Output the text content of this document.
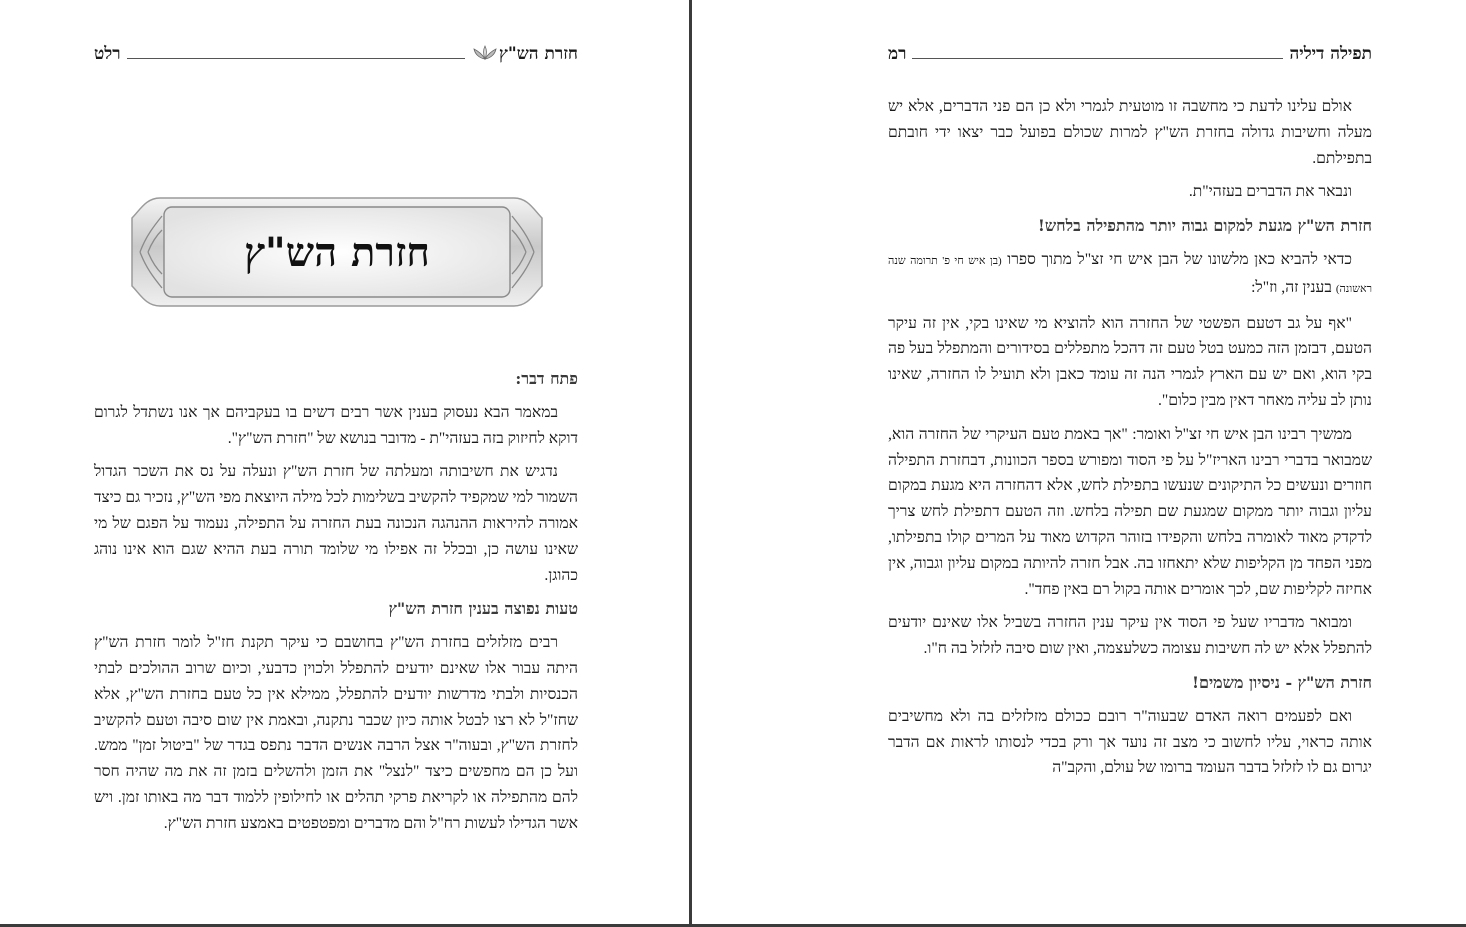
חזרת הש"ץ
רלט
חזרת הש"ץ
פתח דבר:

במאמר הבא נעסוק בענין אשר רבים דשים בו בעקביהם אך אנו נשתדל לגרום דוקא לחיזוק בזה בעזהי"ת - מדובר בנושא של "חזרת הש"ץ".

נדגיש את חשיבותה ומעלתה של חזרת הש"ץ ונעלה על נס את השכר הגדול השמור למי שמקפיד להקשיב בשלימות לכל מילה היוצאת מפי הש"ץ, נזכיר גם כיצד אמורה להיראות ההנהגה הנכונה בעת החזרה על התפילה, נעמוד על הפגם של מי שאינו עושה כן, ובכלל זה אפילו מי שלומד תורה בעת ההיא שגם הוא אינו נוהג כהוגן.

טעות נפוצה בענין חזרת הש"ץ

רבים מזלזלים בחזרת הש"ץ בחושבם כי עיקר תקנת חז"ל לומר חזרת הש"ץ היתה עבור אלו שאינם יודעים להתפלל ולכוין כדבעי, וכיום שרוב ההולכים לבתי הכנסיות ולבתי מדרשות יודעים להתפלל, ממילא אין כל טעם בחזרת הש"ץ, אלא שחז"ל לא רצו לבטל אותה כיון שכבר נתקנה, ובאמת אין שום סיבה וטעם להקשיב לחזרת הש"ץ, ובעוה"ר אצל הרבה אנשים הדבר נתפס בגדר של "ביטול זמן" ממש. ועל כן הם מחפשים כיצד "לנצל" את הזמן ולהשלים בזמן זה את מה שהיה חסר להם מהתפילה או לקריאת פרקי תהלים או לחילופין ללמוד דבר מה באותו זמן. ויש אשר הגדילו לעשות רח"ל והם מדברים ומפטפטים באמצע חזרת הש"ץ.

תפילה דיליה
רמ

אולם עלינו לדעת כי מחשבה זו מוטעית לגמרי ולא כן הם פני הדברים, אלא יש מעלה וחשיבות גדולה בחזרת הש"ץ למרות שכולם בפועל כבר יצאו ידי חובתם בתפילתם.

ונבאר את הדברים בעזהי"ת.

חזרת הש"ץ מגעת למקום גבוה יותר מהתפילה בלחש!

כדאי להביא כאן מלשונו של הבן איש חי זצ"ל מתוך ספרו (בן איש חי פ' תרומה שנה ראשונה) בענין זה, וז"ל:

"אף על גב דטעם הפשטי של החזרה הוא להוציא מי שאינו בקי, אין זה עיקר הטעם, דבזמן הזה כמעט בטל טעם זה דהכל מתפללים בסידורים והמתפלל בעל פה בקי הוא, ואם יש עם הארץ לגמרי הנה זה עומד כאבן ולא תועיל לו החזרה, שאינו נותן לב עליה מאחר דאין מבין כלום".

ממשיך רבינו הבן איש חי זצ"ל ואומר: "אך באמת טעם העיקרי של החזרה הוא, שמבואר בדברי רבינו האריז"ל על פי הסוד ומפורש בספר הכוונות, דבחזרת התפילה חוזרים ונעשים כל התיקונים שנעשו בתפילת לחש, אלא דהחזרה היא מגעת במקום עליון וגבוה יותר ממקום שמגעת שם תפילה בלחש. וזה הטעם דתפילת לחש צריך לדקדק מאוד לאומרה בלחש והקפידו בזוהר הקדוש מאוד על המרים קולו בתפילתו, מפני הפחד מן הקליפות שלא יתאחזו בה. אבל חזרה להיותה במקום עליון וגבוה, אין אחיזה לקליפות שם, לכך אומרים אותה בקול רם באין פחד".

ומבואר מדבריו שעל פי הסוד אין עיקר ענין החזרה בשביל אלו שאינם יודעים להתפלל אלא יש לה חשיבות עצומה כשלעצמה, ואין שום סיבה לזלזל בה ח"ו.

חזרת הש"ץ - ניסיון משמים!

ואם לפעמים רואה האדם שבעוה"ר רובם ככולם מזלזלים בה ולא מחשיבים אותה כראוי, עליו לחשוב כי מצב זה נועד אך ורק בכדי לנסותו לראות אם הדבר יגרום גם לו לזלזל בדבר העומד ברומו של עולם, והקב"ה
